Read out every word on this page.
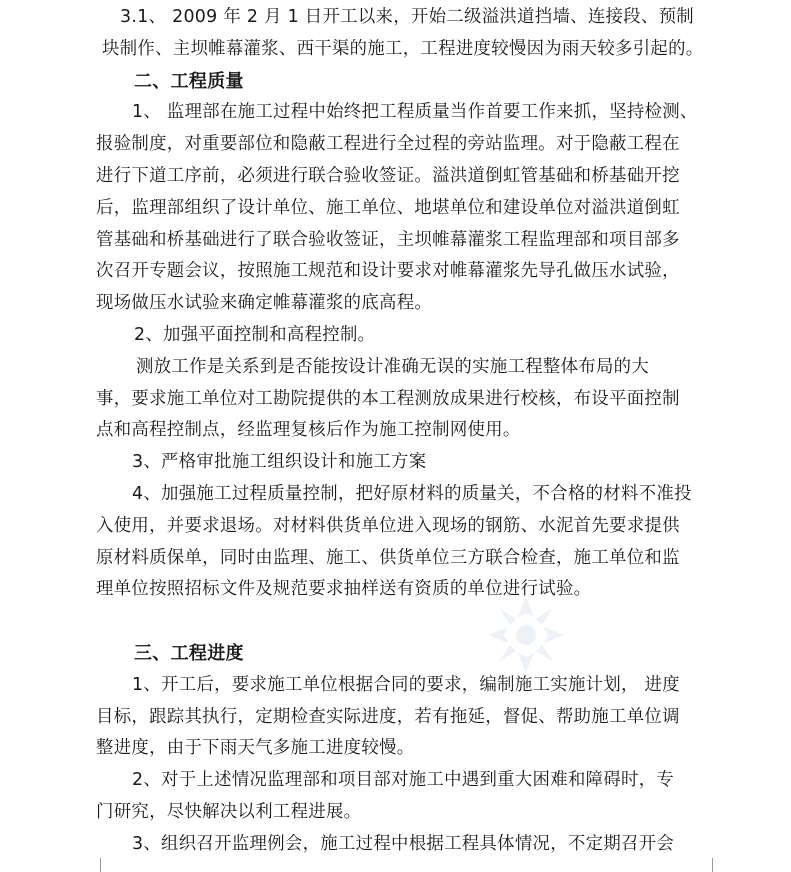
3.1、 2009 年 2 月 1 日开工以来，开始二级溢洪道挡墙、连接段、预制
块制作、主坝帷幕灌浆、西干渠的施工，工程进度较慢因为雨天较多引起的。
二、工程质量
1、 监理部在施工过程中始终把工程质量当作首要工作来抓，坚持检测、
报验制度，对重要部位和隐蔽工程进行全过程的旁站监理。对于隐蔽工程在
进行下道工序前，必须进行联合验收签证。溢洪道倒虹管基础和桥基础开挖
后，监理部组织了设计单位、施工单位、地堪单位和建设单位对溢洪道倒虹
管基础和桥基础进行了联合验收签证，主坝帷幕灌浆工程监理部和项目部多
次召开专题会议，按照施工规范和设计要求对帷幕灌浆先导孔做压水试验，
现场做压水试验来确定帷幕灌浆的底高程。
2、加强平面控制和高程控制。
测放工作是关系到是否能按设计准确无误的实施工程整体布局的大
事，要求施工单位对工勘院提供的本工程测放成果进行校核，布设平面控制
点和高程控制点，经监理复核后作为施工控制网使用。
3、严格审批施工组织设计和施工方案
4、加强施工过程质量控制，把好原材料的质量关，不合格的材料不准投
入使用，并要求退场。对材料供货单位进入现场的钢筋、水泥首先要求提供
原材料质保单，同时由监理、施工、供货单位三方联合检查，施工单位和监
理单位按照招标文件及规范要求抽样送有资质的单位进行试验。
三、工程进度
1、开工后，要求施工单位根据合同的要求，编制施工实施计划， 进度
目标，跟踪其执行，定期检查实际进度，若有拖延，督促、帮助施工单位调
整进度，由于下雨天气多施工进度较慢。
2、对于上述情况监理部和项目部对施工中遇到重大困难和障碍时，专
门研究，尽快解决以利工程进展。
3、组织召开监理例会，施工过程中根据工程具体情况，不定期召开会
